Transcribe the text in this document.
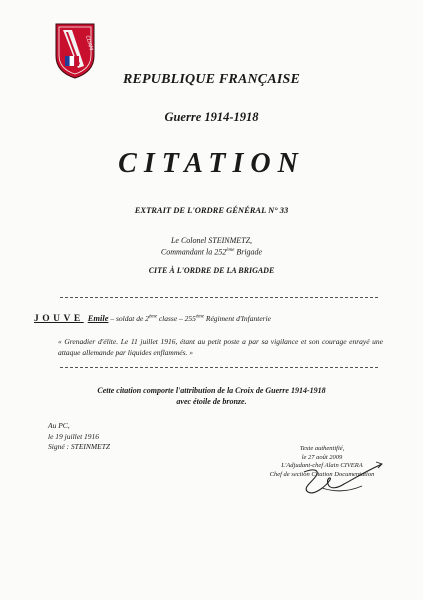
CDAM
REPUBLIQUE FRANÇAISE
Guerre 1914-1918
CITATION
EXTRAIT DE L'ORDRE GÉNÉRAL N° 33
Le Colonel STEINMETZ,
Commandant la 252ème Brigade
CITE À L'ORDRE DE LA BRIGADE
JOUVE Emile – soldat de 2ème classe – 255ème Régiment d'Infanterie
« Grenadier d'élite. Le 11 juillet 1916, étant au petit poste a par sa vigilance et son courage enrayé une attaque allemande par liquides enflammés. »
Cette citation comporte l'attribution de la Croix de Guerre 1914-1918
avec étoile de bronze.
Au PC,
le 19 juillet 1916
Signé : STEINMETZ	Texte authentifié,
le 27 août 2009
L'Adjudant-chef Alain CIVERA
Chef de section Citation Documentation
